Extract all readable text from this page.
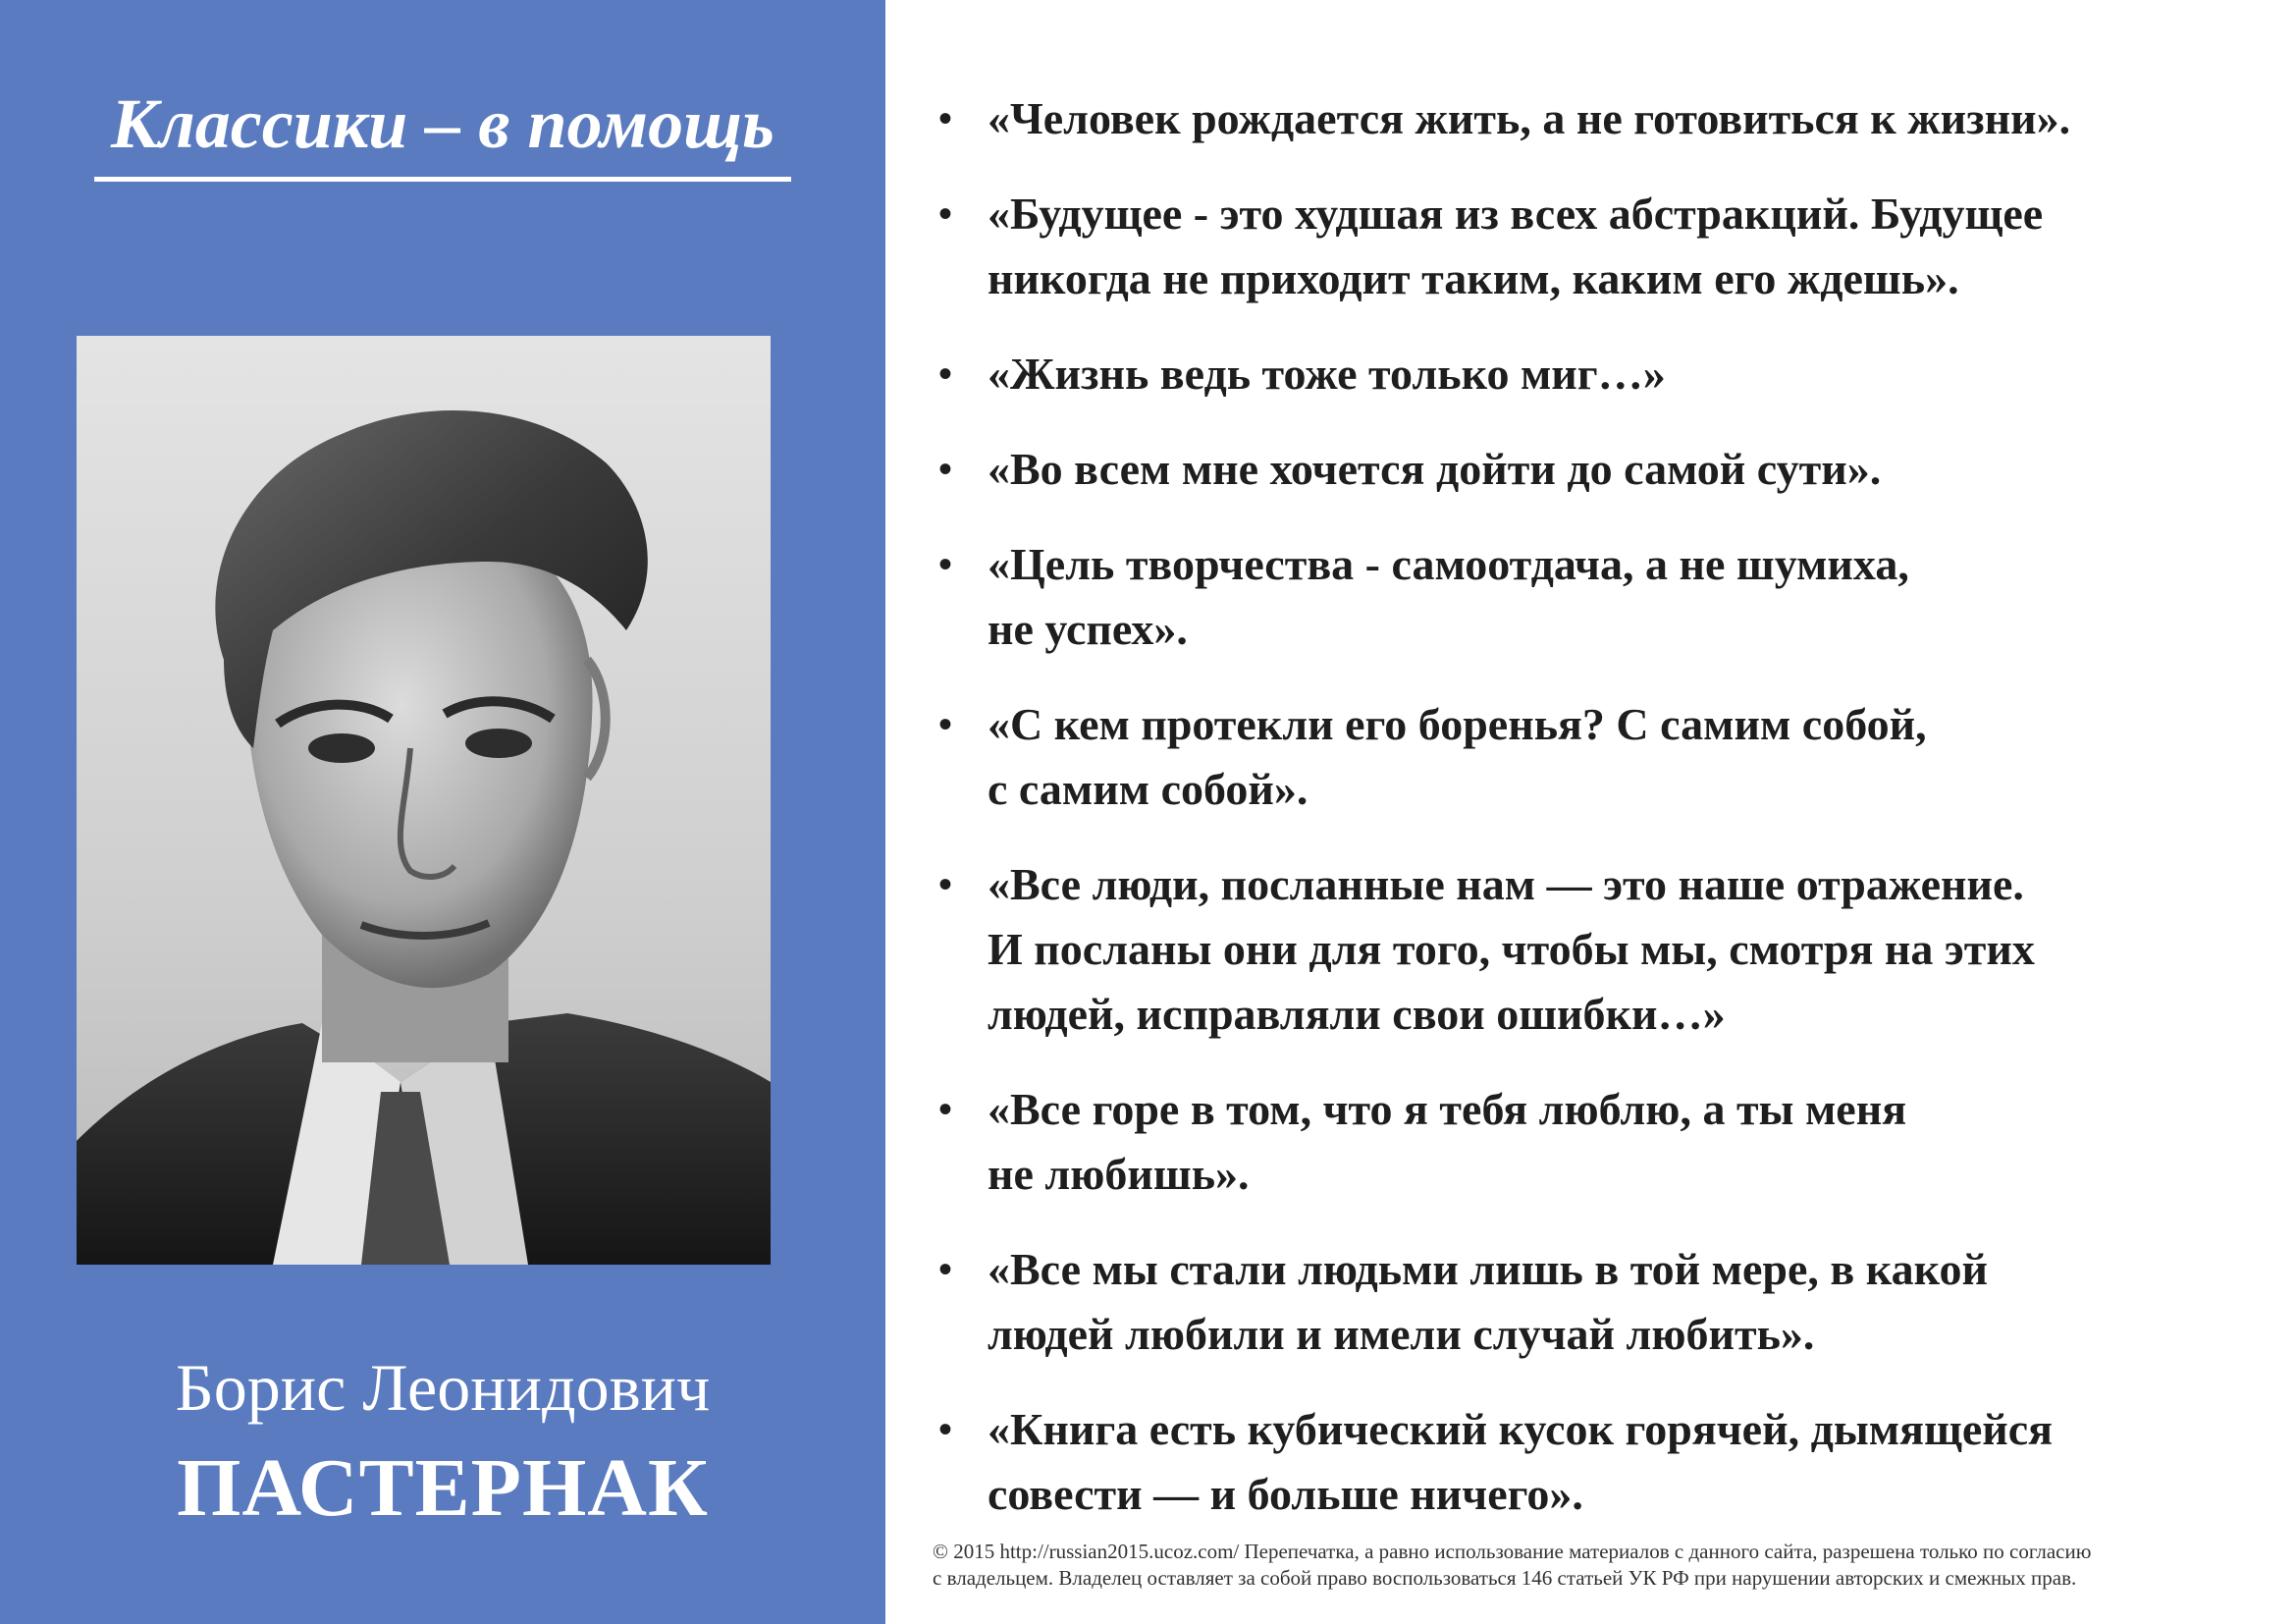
Классики – в помощь
Борис Леонидович
ПАСТЕРНАК
• «Человек рождается жить, а не готовиться к жизни».
• «Будущее - это худшая из всех абстракций. Будущее
никогда не приходит таким, каким его ждешь».
• «Жизнь ведь тоже только миг…»
• «Во всем мне хочется дойти до самой сути».
• «Цель творчества - самоотдача, а не шумиха,
не успех».
• «С кем протекли его боренья? С самим собой,
с самим собой».
• «Все люди, посланные нам — это наше отражение.
И посланы они для того, чтобы мы, смотря на этих
людей, исправляли свои ошибки…»
• «Все горе в том, что я тебя люблю, а ты меня
не любишь».
• «Все мы стали людьми лишь в той мере, в какой
людей любили и имели случай любить».
• «Книга есть кубический кусок горячей, дымящейся
совести — и больше ничего».
© 2015 http://russian2015.ucoz.com/ Перепечатка, а равно использование материалов с данного сайта, разрешена только по согласию
с владельцем. Владелец оставляет за собой право воспользоваться 146 статьей УК РФ при нарушении авторских и смежных прав.
